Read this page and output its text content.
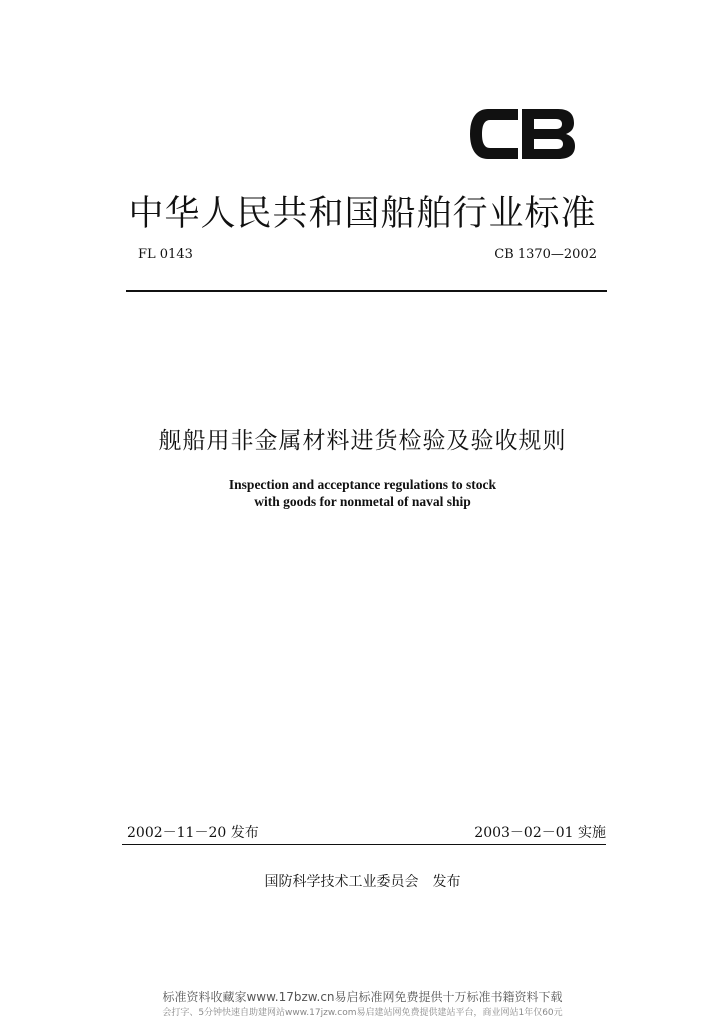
中华人民共和国船舶行业标准
FL 0143	CB 1370—2002
舰船用非金属材料进货检验及验收规则
Inspection and acceptance regulations to stock
with goods for nonmetal of naval ship
2002－11－20 发布	2003－02－01 实施
国防科学技术工业委员会 发布
标准资料收藏家www.17bzw.cn易启标准网免费提供十万标准书籍资料下载
会打字、5分钟快速自助建网站www.17jzw.com易启建站网免费提供建站平台，商业网站1年仅60元
